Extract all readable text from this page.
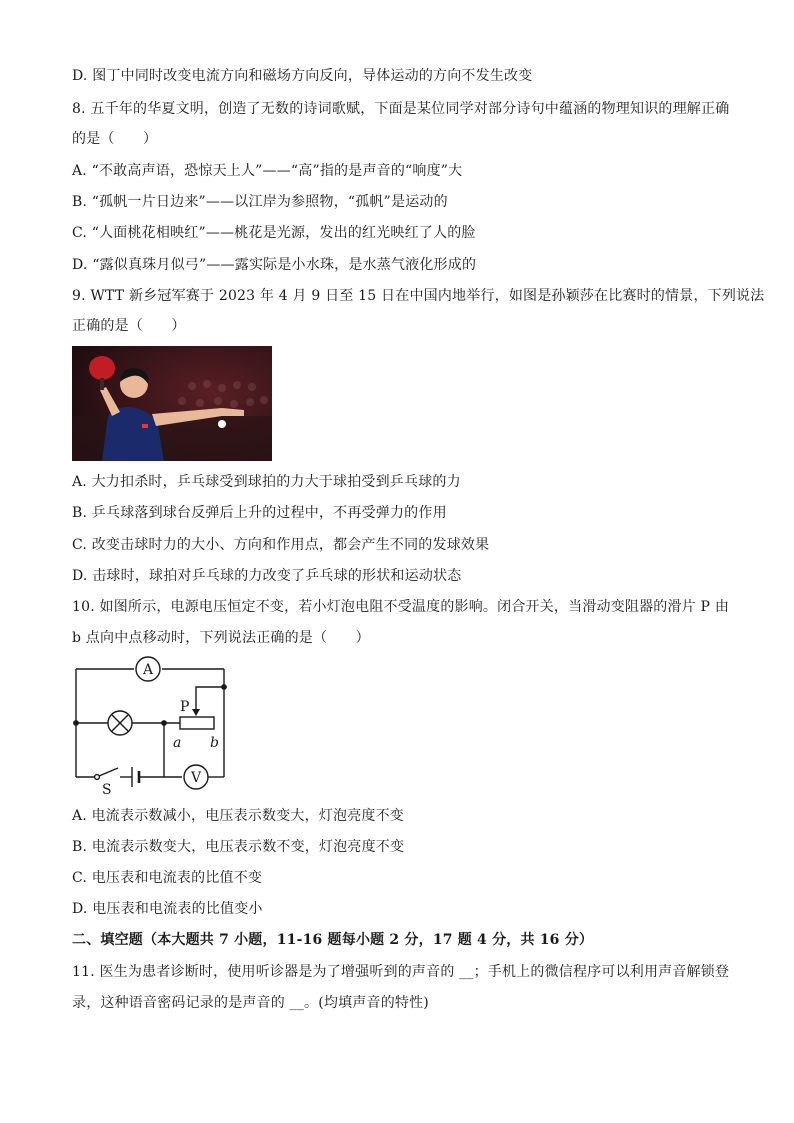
D. 图丁中同时改变电流方向和磁场方向反向，导体运动的方向不发生改变
8. 五千年的华夏文明，创造了无数的诗词歌赋，下面是某位同学对部分诗句中蕴涵的物理知识的理解正确
的是（　　）
A. “不敢高声语，恐惊天上人”——“高”指的是声音的“响度”大
B. “孤帆一片日边来”——以江岸为参照物，“孤帆”是运动的
C. “人面桃花相映红”——桃花是光源，发出的红光映红了人的脸
D. “露似真珠月似弓”——露实际是小水珠，是水蒸气液化形成的
9. WTT 新乡冠军赛于 2023 年 4 月 9 日至 15 日在中国内地举行，如图是孙颖莎在比赛时的情景，下列说法
正确的是（　　）
A. 大力扣杀时，乒乓球受到球拍的力大于球拍受到乒乓球的力
B. 乒乓球落到球台反弹后上升的过程中，不再受弹力的作用
C. 改变击球时力的大小、方向和作用点，都会产生不同的发球效果
D. 击球时，球拍对乒乓球的力改变了乒乓球的形状和运动状态
10. 如图所示，电源电压恒定不变，若小灯泡电阻不受温度的影响。闭合开关，当滑动变阻器的滑片 P 由
b 点向中点移动时，下列说法正确的是（　　）
A
P
a b
V
S
A. 电流表示数减小，电压表示数变大，灯泡亮度不变
B. 电流表示数变大，电压表示数不变，灯泡亮度不变
C. 电压表和电流表的比值不变
D. 电压表和电流表的比值变小
二、填空题（本大题共 7 小题，11-16 题每小题 2 分，17 题 4 分，共 16 分）
11. 医生为患者诊断时，使用听诊器是为了增强听到的声音的 __；手机上的微信程序可以利用声音解锁登
录，这种语音密码记录的是声音的 __。(均填声音的特性)
